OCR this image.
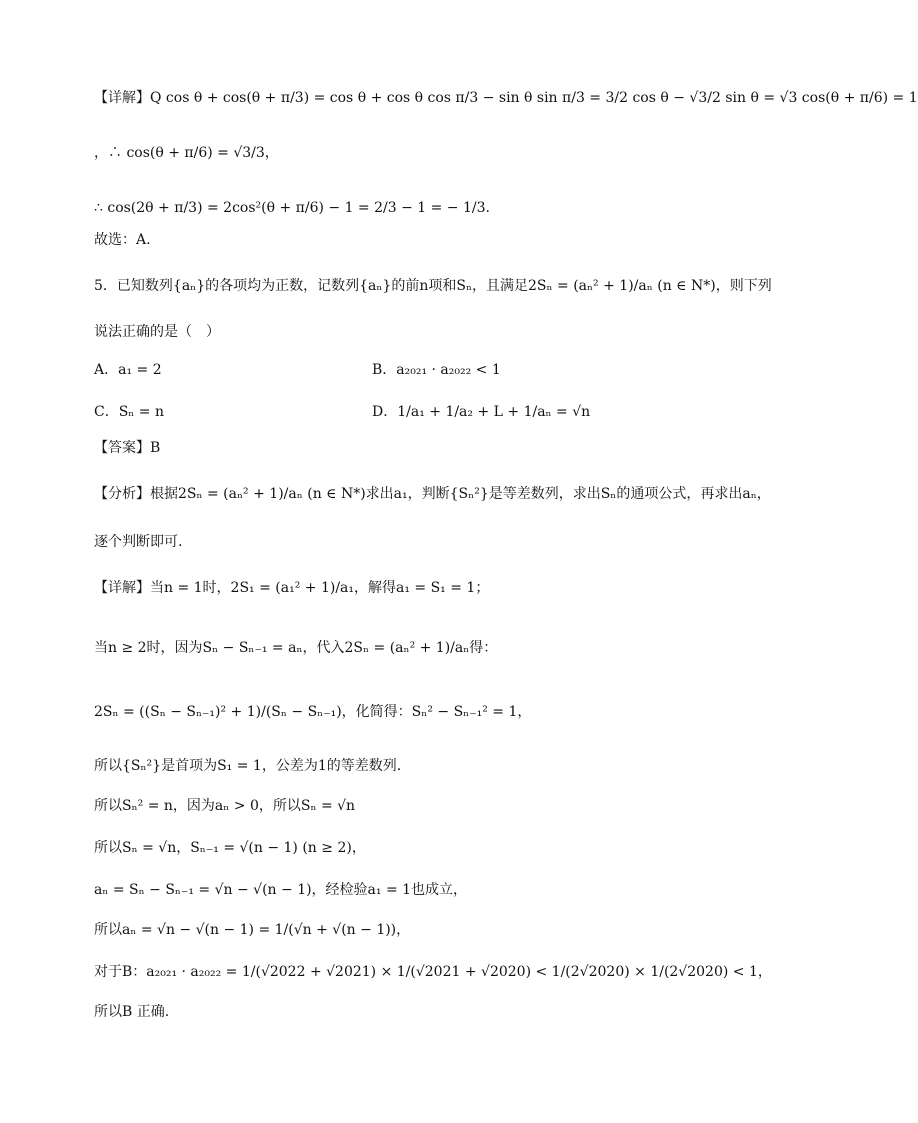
【详解】Q cos θ + cos(θ + π/3) = cos θ + cos θ cos π/3 − sin θ sin π/3 = 3/2 cos θ − √3/2 sin θ = √3 cos(θ + π/6) = 1
，∴ cos(θ + π/6) = √3/3，
∴ cos(2θ + π/3) = 2cos²(θ + π/6) − 1 = 2/3 − 1 = − 1/3.
故选：A.
5．已知数列{aₙ}的各项均为正数，记数列{aₙ}的前n项和Sₙ，且满足2Sₙ = (aₙ² + 1)/aₙ (n ∈ N*)，则下列
说法正确的是（　）
【答案】B
【分析】根据2Sₙ = (aₙ² + 1)/aₙ (n ∈ N*)求出a₁，判断{Sₙ²}是等差数列，求出Sₙ的通项公式，再求出aₙ，
逐个判断即可.
【详解】当n = 1时，2S₁ = (a₁² + 1)/a₁，解得a₁ = S₁ = 1；
当n ≥ 2时，因为Sₙ − Sₙ₋₁ = aₙ，代入2Sₙ = (aₙ² + 1)/aₙ得：
2Sₙ = ((Sₙ − Sₙ₋₁)² + 1)/(Sₙ − Sₙ₋₁)，化简得：Sₙ² − Sₙ₋₁² = 1，
所以{Sₙ²}是首项为S₁ = 1，公差为1的等差数列.
所以Sₙ² = n，因为aₙ > 0，所以Sₙ = √n
所以Sₙ = √n，Sₙ₋₁ = √(n − 1) (n ≥ 2)，
aₙ = Sₙ − Sₙ₋₁ = √n − √(n − 1)，经检验a₁ = 1也成立，
所以aₙ = √n − √(n − 1) = 1/(√n + √(n − 1))，
对于B：a₂₀₂₁ · a₂₀₂₂ = 1/(√2022 + √2021) × 1/(√2021 + √2020) < 1/(2√2020) × 1/(2√2020) < 1，
所以B 正确.
A．a₁ = 2	B．a₂₀₂₁ · a₂₀₂₂ < 1
C．Sₙ = n	D．1/a₁ + 1/a₂ + L + 1/aₙ = √n
